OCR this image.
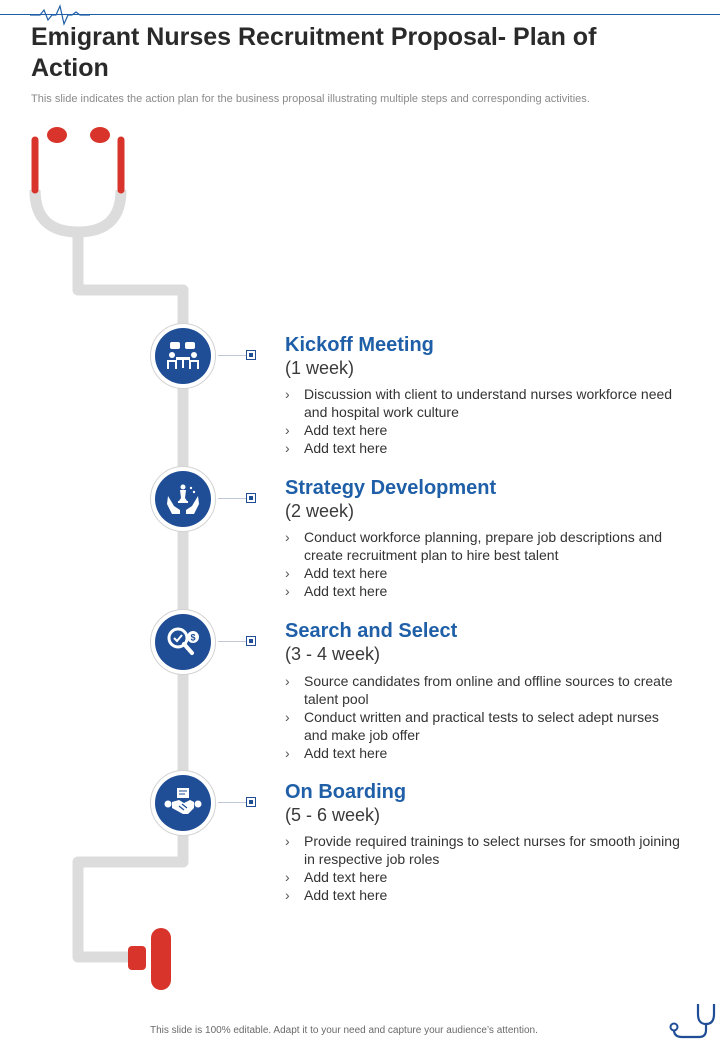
Emigrant Nurses Recruitment Proposal- Plan of Action
This slide indicates the action plan for the business proposal illustrating multiple steps and corresponding activities.
Kickoff Meeting
(1 week)
› Discussion with client to understand nurses workforce need and hospital work culture
› Add text here
› Add text here
Strategy Development
(2 week)
› Conduct workforce planning, prepare job descriptions and create recruitment plan to hire best talent
› Add text here
› Add text here
$	Search and Select
(3 - 4 week)
› Source candidates from online and offline sources to create talent pool
› Conduct written and practical tests to select adept nurses and make job offer
› Add text here
On Boarding
(5 - 6 week)
› Provide required trainings to select nurses for smooth joining in respective job roles
› Add text here
› Add text here
This slide is 100% editable. Adapt it to your need and capture your audience’s attention.
